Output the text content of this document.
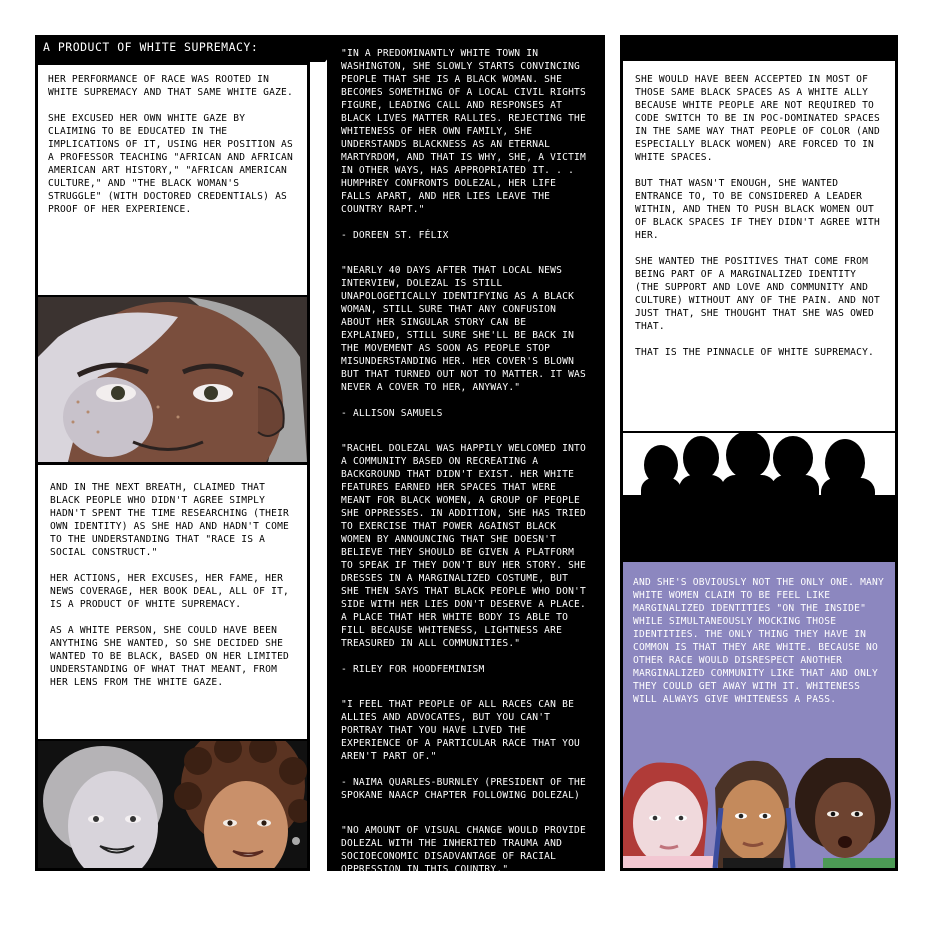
A PRODUCT OF WHITE SUPREMACY:

HER PERFORMANCE OF RACE WAS ROOTED IN WHITE SUPREMACY AND THAT SAME WHITE GAZE.

SHE EXCUSED HER OWN WHITE GAZE BY CLAIMING TO BE EDUCATED IN THE IMPLICATIONS OF IT, USING HER POSITION AS A PROFESSOR TEACHING "AFRICAN AND AFRICAN AMERICAN ART HISTORY," "AFRICAN AMERICAN CULTURE," AND "THE BLACK WOMAN'S STRUGGLE" (WITH DOCTORED CREDENTIALS) AS PROOF OF HER EXPERIENCE.

AND IN THE NEXT BREATH, CLAIMED THAT BLACK PEOPLE WHO DIDN'T AGREE SIMPLY HADN'T SPENT THE TIME RESEARCHING (THEIR OWN IDENTITY) AS SHE HAD AND HADN'T COME TO THE UNDERSTANDING THAT "RACE IS A SOCIAL CONSTRUCT."

HER ACTIONS, HER EXCUSES, HER FAME, HER NEWS COVERAGE, HER BOOK DEAL, ALL OF IT, IS A PRODUCT OF WHITE SUPREMACY.

AS A WHITE PERSON, SHE COULD HAVE BEEN ANYTHING SHE WANTED, SO SHE DECIDED SHE WANTED TO BE BLACK, BASED ON HER LIMITED UNDERSTANDING OF WHAT THAT MEANT, FROM HER LENS FROM THE WHITE GAZE.

"IN A PREDOMINANTLY WHITE TOWN IN WASHINGTON, SHE SLOWLY STARTS CONVINCING PEOPLE THAT SHE IS A BLACK WOMAN. SHE BECOMES SOMETHING OF A LOCAL CIVIL RIGHTS FIGURE, LEADING CALL AND RESPONSES AT BLACK LIVES MATTER RALLIES. REJECTING THE WHITENESS OF HER OWN FAMILY, SHE UNDERSTANDS BLACKNESS AS AN ETERNAL MARTYRDOM, AND THAT IS WHY, SHE, A VICTIM IN OTHER WAYS, HAS APPROPRIATED IT. . . HUMPHREY CONFRONTS DOLEZAL, HER LIFE FALLS APART, AND HER LIES LEAVE THE COUNTRY RAPT."

- DOREEN ST. FÉLIX

"NEARLY 40 DAYS AFTER THAT LOCAL NEWS INTERVIEW, DOLEZAL IS STILL UNAPOLOGETICALLY IDENTIFYING AS A BLACK WOMAN, STILL SURE THAT ANY CONFUSION ABOUT HER SINGULAR STORY CAN BE EXPLAINED, STILL SURE SHE'LL BE BACK IN THE MOVEMENT AS SOON AS PEOPLE STOP MISUNDERSTANDING HER. HER COVER'S BLOWN BUT THAT TURNED OUT NOT TO MATTER. IT WAS NEVER A COVER TO HER, ANYWAY."

- ALLISON SAMUELS

"RACHEL DOLEZAL WAS HAPPILY WELCOMED INTO A COMMUNITY BASED ON RECREATING A BACKGROUND THAT DIDN'T EXIST. HER WHITE FEATURES EARNED HER SPACES THAT WERE MEANT FOR BLACK WOMEN, A GROUP OF PEOPLE SHE OPPRESSES. IN ADDITION, SHE HAS TRIED TO EXERCISE THAT POWER AGAINST BLACK WOMEN BY ANNOUNCING THAT SHE DOESN'T BELIEVE THEY SHOULD BE GIVEN A PLATFORM TO SPEAK IF THEY DON'T BUY HER STORY. SHE DRESSES IN A MARGINALIZED COSTUME, BUT SHE THEN SAYS THAT BLACK PEOPLE WHO DON'T SIDE WITH HER LIES DON'T DESERVE A PLACE. A PLACE THAT HER WHITE BODY IS ABLE TO FILL BECAUSE WHITENESS, LIGHTNESS ARE TREASURED IN ALL COMMUNITIES."

- RILEY FOR HOODFEMINISM

"I FEEL THAT PEOPLE OF ALL RACES CAN BE ALLIES AND ADVOCATES, BUT YOU CAN'T PORTRAY THAT YOU HAVE LIVED THE EXPERIENCE OF A PARTICULAR RACE THAT YOU AREN'T PART OF."

- NAIMA QUARLES-BURNLEY (PRESIDENT OF THE SPOKANE NAACP CHAPTER FOLLOWING DOLEZAL)

"NO AMOUNT OF VISUAL CHANGE WOULD PROVIDE DOLEZAL WITH THE INHERITED TRAUMA AND SOCIOECONOMIC DISADVANTAGE OF RACIAL OPPRESSION IN THIS COUNTRY."

- IJEOMA OLUO

SHE WOULD HAVE BEEN ACCEPTED IN MOST OF THOSE SAME BLACK SPACES AS A WHITE ALLY BECAUSE WHITE PEOPLE ARE NOT REQUIRED TO CODE SWITCH TO BE IN POC-DOMINATED SPACES IN THE SAME WAY THAT PEOPLE OF COLOR (AND ESPECIALLY BLACK WOMEN) ARE FORCED TO IN WHITE SPACES.

BUT THAT WASN'T ENOUGH, SHE WANTED ENTRANCE TO, TO BE CONSIDERED A LEADER WITHIN, AND THEN TO PUSH BLACK WOMEN OUT OF BLACK SPACES IF THEY DIDN'T AGREE WITH HER.

SHE WANTED THE POSITIVES THAT COME FROM BEING PART OF A MARGINALIZED IDENTITY (THE SUPPORT AND LOVE AND COMMUNITY AND CULTURE) WITHOUT ANY OF THE PAIN. AND NOT JUST THAT, SHE THOUGHT THAT SHE WAS OWED THAT.

THAT IS THE PINNACLE OF WHITE SUPREMACY.

AND SHE'S OBVIOUSLY NOT THE ONLY ONE. MANY WHITE WOMEN CLAIM TO BE FEEL LIKE MARGINALIZED IDENTITIES "ON THE INSIDE" WHILE SIMULTANEOUSLY MOCKING THOSE IDENTITIES. THE ONLY THING THEY HAVE IN COMMON IS THAT THEY ARE WHITE. BECAUSE NO OTHER RACE WOULD DISRESPECT ANOTHER MARGINALIZED COMMUNITY LIKE THAT AND ONLY THEY COULD GET AWAY WITH IT. WHITENESS WILL ALWAYS GIVE WHITENESS A PASS.
